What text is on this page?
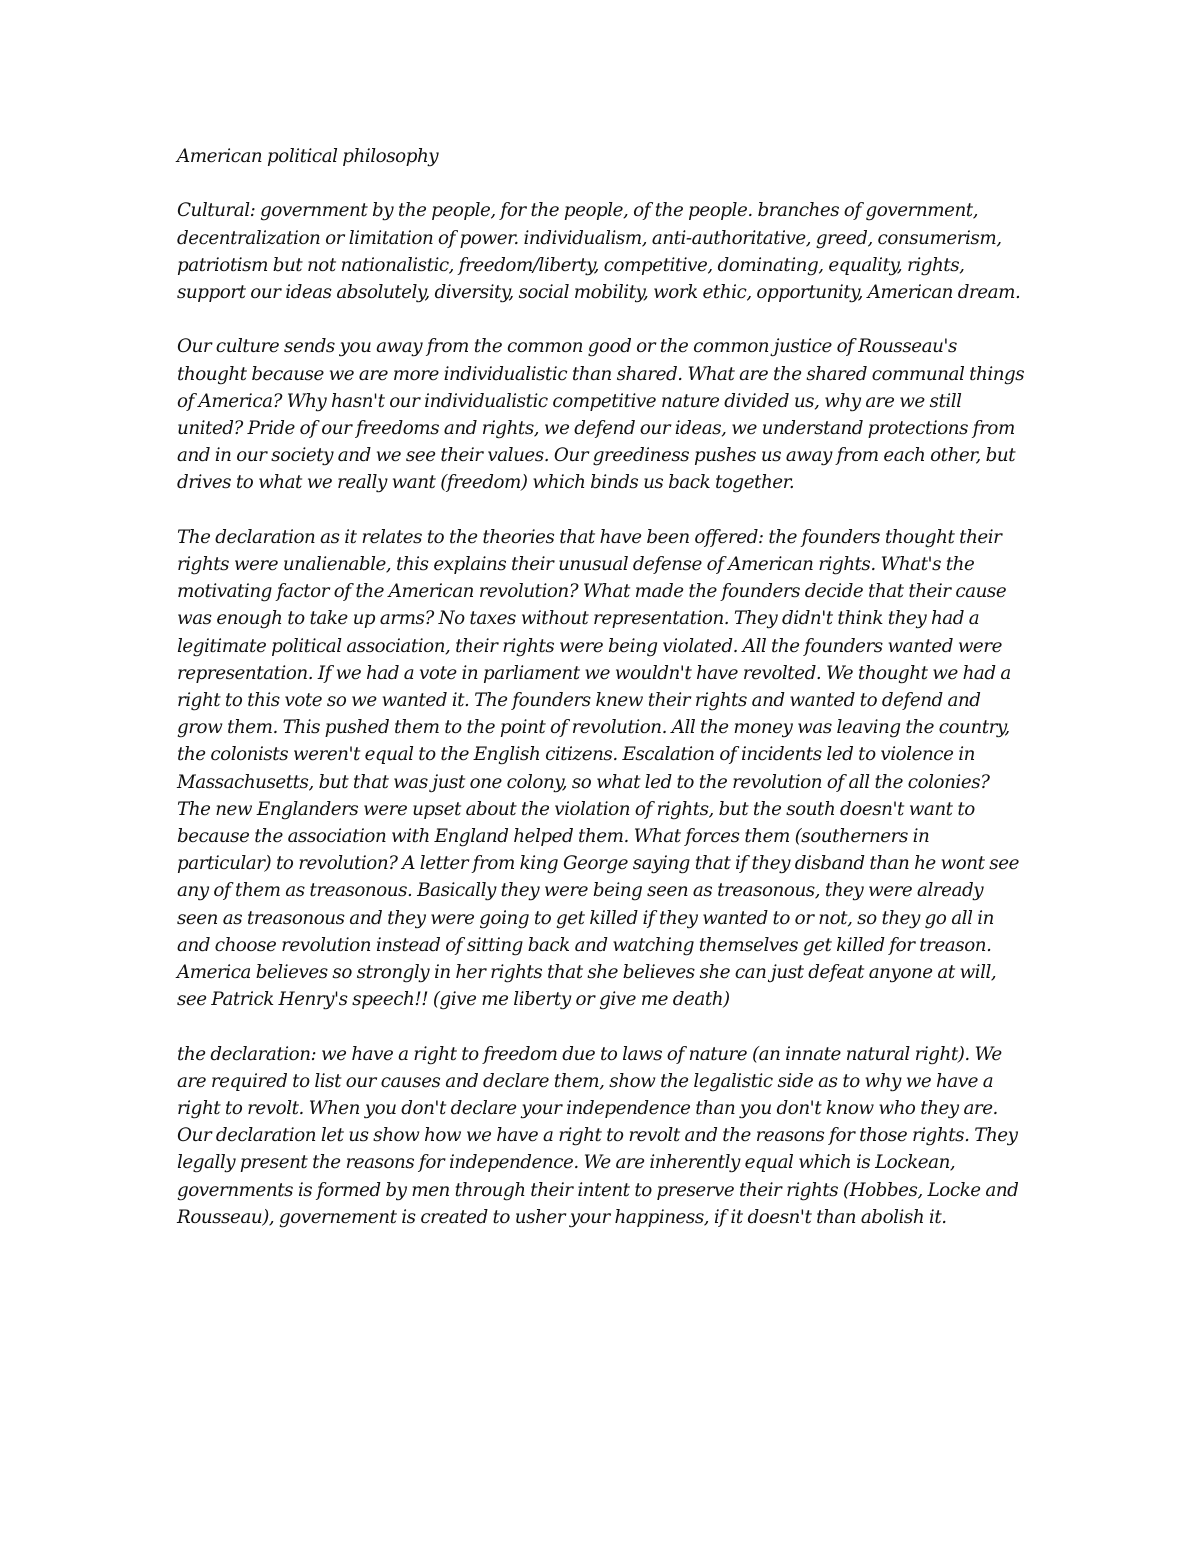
American political philosophy

Cultural: government by the people, for the people, of the people. branches of government, decentralization or limitation of power. individualism, anti-authoritative, greed, consumerism, patriotism but not nationalistic, freedom/liberty, competitive, dominating, equality, rights, support our ideas absolutely, diversity, social mobility, work ethic, opportunity, American dream.

Our culture sends you away from the common good or the common justice of Rousseau's thought because we are more individualistic than shared. What are the shared communal things of America? Why hasn't our individualistic competitive nature divided us, why are we still united? Pride of our freedoms and rights, we defend our ideas, we understand protections from and in our society and we see their values. Our greediness pushes us away from each other, but drives to what we really want (freedom) which binds us back together.

The declaration as it relates to the theories that have been offered: the founders thought their rights were unalienable, this explains their unusual defense of American rights. What's the motivating factor of the American revolution? What made the founders decide that their cause was enough to take up arms? No taxes without representation. They didn't think they had a legitimate political association, their rights were being violated. All the founders wanted were representation. If we had a vote in parliament we wouldn't have revolted. We thought we had a right to this vote so we wanted it. The founders knew their rights and wanted to defend and grow them. This pushed them to the point of revolution. All the money was leaving the country, the colonists weren't equal to the English citizens. Escalation of incidents led to violence in Massachusetts, but that was just one colony, so what led to the revolution of all the colonies? The new Englanders were upset about the violation of rights, but the south doesn't want to because the association with England helped them. What forces them (southerners in particular) to revolution? A letter from king George saying that if they disband than he wont see any of them as treasonous. Basically they were being seen as treasonous, they were already seen as treasonous and they were going to get killed if they wanted to or not, so they go all in and choose revolution instead of sitting back and watching themselves get killed for treason. America believes so strongly in her rights that she believes she can just defeat anyone at will, see Patrick Henry's speech!! (give me liberty or give me death)

the declaration: we have a right to freedom due to laws of nature (an innate natural right). We are required to list our causes and declare them, show the legalistic side as to why we have a right to revolt. When you don't declare your independence than you don't know who they are. Our declaration let us show how we have a right to revolt and the reasons for those rights. They legally present the reasons for independence. We are inherently equal which is Lockean, governments is formed by men through their intent to preserve their rights (Hobbes, Locke and Rousseau), governement is created to usher your happiness, if it doesn't than abolish it.
